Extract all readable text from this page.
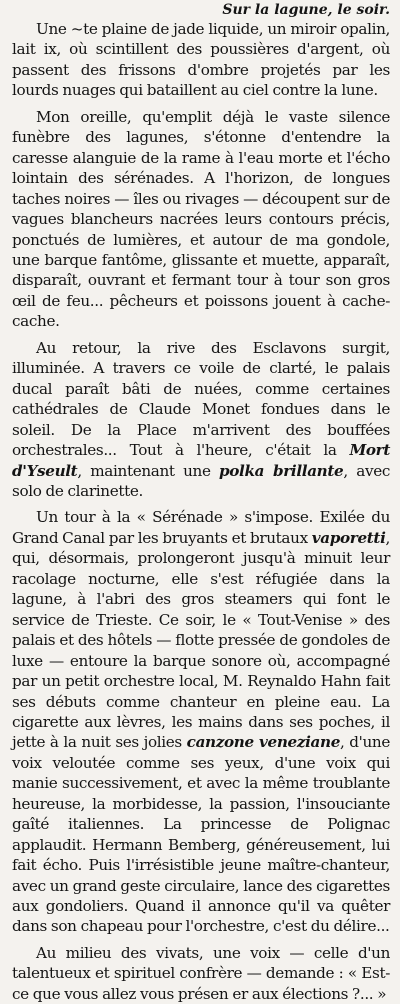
Sur la lagune, le soir.

Une ~te plaine de jade liquide, un miroir opalin, lait ix, où scintillent des poussières d'argent, où passent des frissons d'ombre projetés par les lourds nuages qui bataillent au ciel contre la lune.

Mon oreille, qu'emplit déjà le vaste silence funèbre des lagunes, s'étonne d'entendre la caresse alanguie de la rame à l'eau morte et l'écho lointain des sérénades. A l'horizon, de longues taches noires — îles ou rivages — découpent sur de vagues blancheurs nacrées leurs contours précis, ponctués de lumières, et autour de ma gondole, une barque fantôme, glissante et muette, apparaît, disparaît, ouvrant et fermant tour à tour son gros œil de feu... pêcheurs et poissons jouent à cache-cache.

Au retour, la rive des Esclavons surgit, illuminée. A travers ce voile de clarté, le palais ducal paraît bâti de nuées, comme certaines cathédrales de Claude Monet fondues dans le soleil. De la Place m'arrivent des bouffées orchestrales... Tout à l'heure, c'était la Mort d'Yseult, maintenant une polka brillante, avec solo de clarinette.

Un tour à la « Sérénade » s'impose. Exilée du Grand Canal par les bruyants et brutaux vaporetti, qui, désormais, prolongeront jusqu'à minuit leur racolage nocturne, elle s'est réfugiée dans la lagune, à l'abri des gros steamers qui font le service de Trieste. Ce soir, le « Tout-Venise » des palais et des hôtels — flotte pressée de gondoles de luxe — entoure la barque sonore où, accompagné par un petit orchestre local, M. Reynaldo Hahn fait ses débuts comme chanteur en pleine eau. La cigarette aux lèvres, les mains dans ses poches, il jette à la nuit ses jolies canzone veneziane, d'une voix veloutée comme ses yeux, d'une voix qui manie successivement, et avec la même troublante heureuse, la morbidesse, la passion, l'insouciante gaîté italiennes. La princesse de Polignac applaudit. Hermann Bemberg, généreusement, lui fait écho. Puis l'irrésistible jeune maître-chanteur, avec un grand geste circulaire, lance des cigarettes aux gondoliers. Quand il annonce qu'il va quêter dans son chapeau pour l'orchestre, c'est du délire...

Au milieu des vivats, une voix — celle d'un talentueux et spirituel confrère — demande : « Est-ce que vous allez vous présen er aux élections ?... »
